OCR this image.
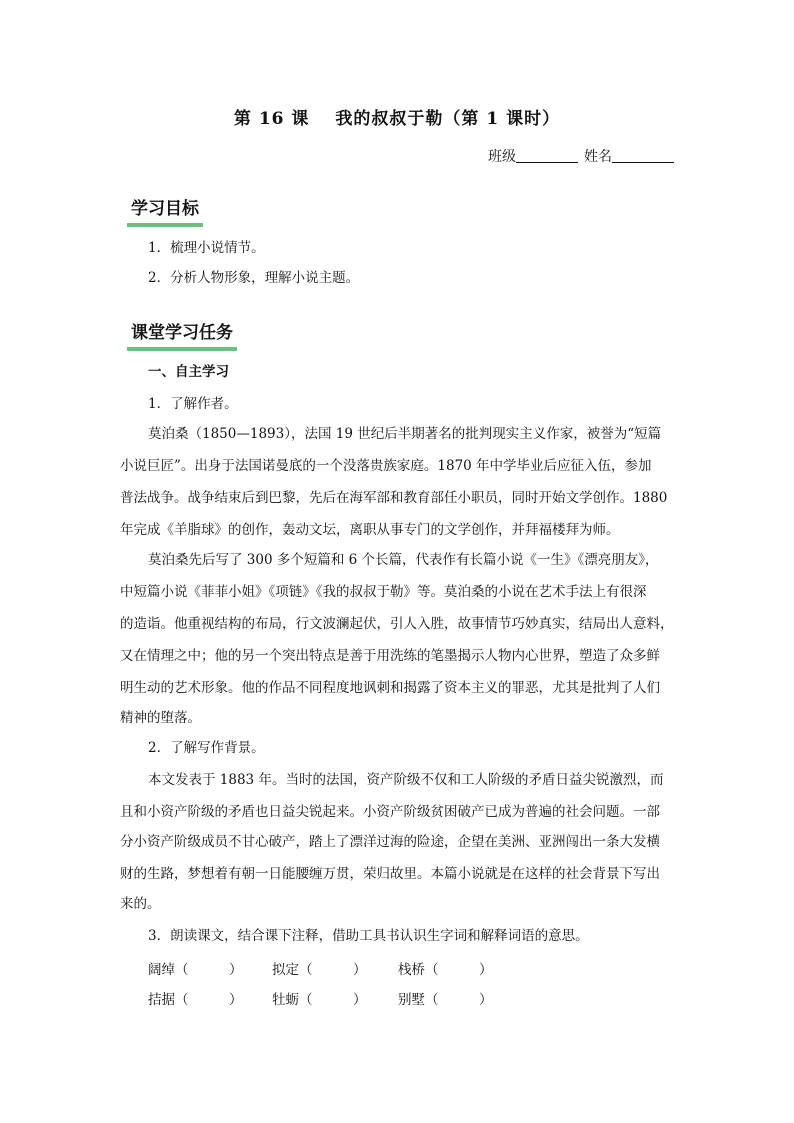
第 16 课 我的叔叔于勒（第 1 课时）
班级	姓名
学习目标
1．梳理小说情节。
2．分析人物形象，理解小说主题。
课堂学习任务
一、自主学习
1．了解作者。
莫泊桑（1850—1893），法国 19 世纪后半期著名的批判现实主义作家，被誉为“短篇
小说巨匠”。出身于法国诺曼底的一个没落贵族家庭。1870 年中学毕业后应征入伍，参加
普法战争。战争结束后到巴黎，先后在海军部和教育部任小职员，同时开始文学创作。1880
年完成《羊脂球》的创作，轰动文坛，离职从事专门的文学创作，并拜福楼拜为师。
莫泊桑先后写了 300 多个短篇和 6 个长篇，代表作有长篇小说《一生》《漂亮朋友》，
中短篇小说《菲菲小姐》《项链》《我的叔叔于勒》等。莫泊桑的小说在艺术手法上有很深
的造诣。他重视结构的布局，行文波澜起伏，引人入胜，故事情节巧妙真实，结局出人意料，
又在情理之中；他的另一个突出特点是善于用洗练的笔墨揭示人物内心世界，塑造了众多鲜
明生动的艺术形象。他的作品不同程度地讽刺和揭露了资本主义的罪恶，尤其是批判了人们
精神的堕落。
2．了解写作背景。
本文发表于 1883 年。当时的法国，资产阶级不仅和工人阶级的矛盾日益尖锐激烈，而
且和小资产阶级的矛盾也日益尖锐起来。小资产阶级贫困破产已成为普遍的社会问题。一部
分小资产阶级成员不甘心破产，踏上了漂洋过海的险途，企望在美洲、亚洲闯出一条大发横
财的生路，梦想着有朝一日能腰缠万贯，荣归故里。本篇小说就是在这样的社会背景下写出
来的。
3．朗读课文，结合课下注释，借助工具书认识生字词和解释词语的意思。
阔绰（　　　） 拟定（　　　） 栈桥（　　　）
拮据（　　　） 牡蛎（　　　） 别墅（　　　）
